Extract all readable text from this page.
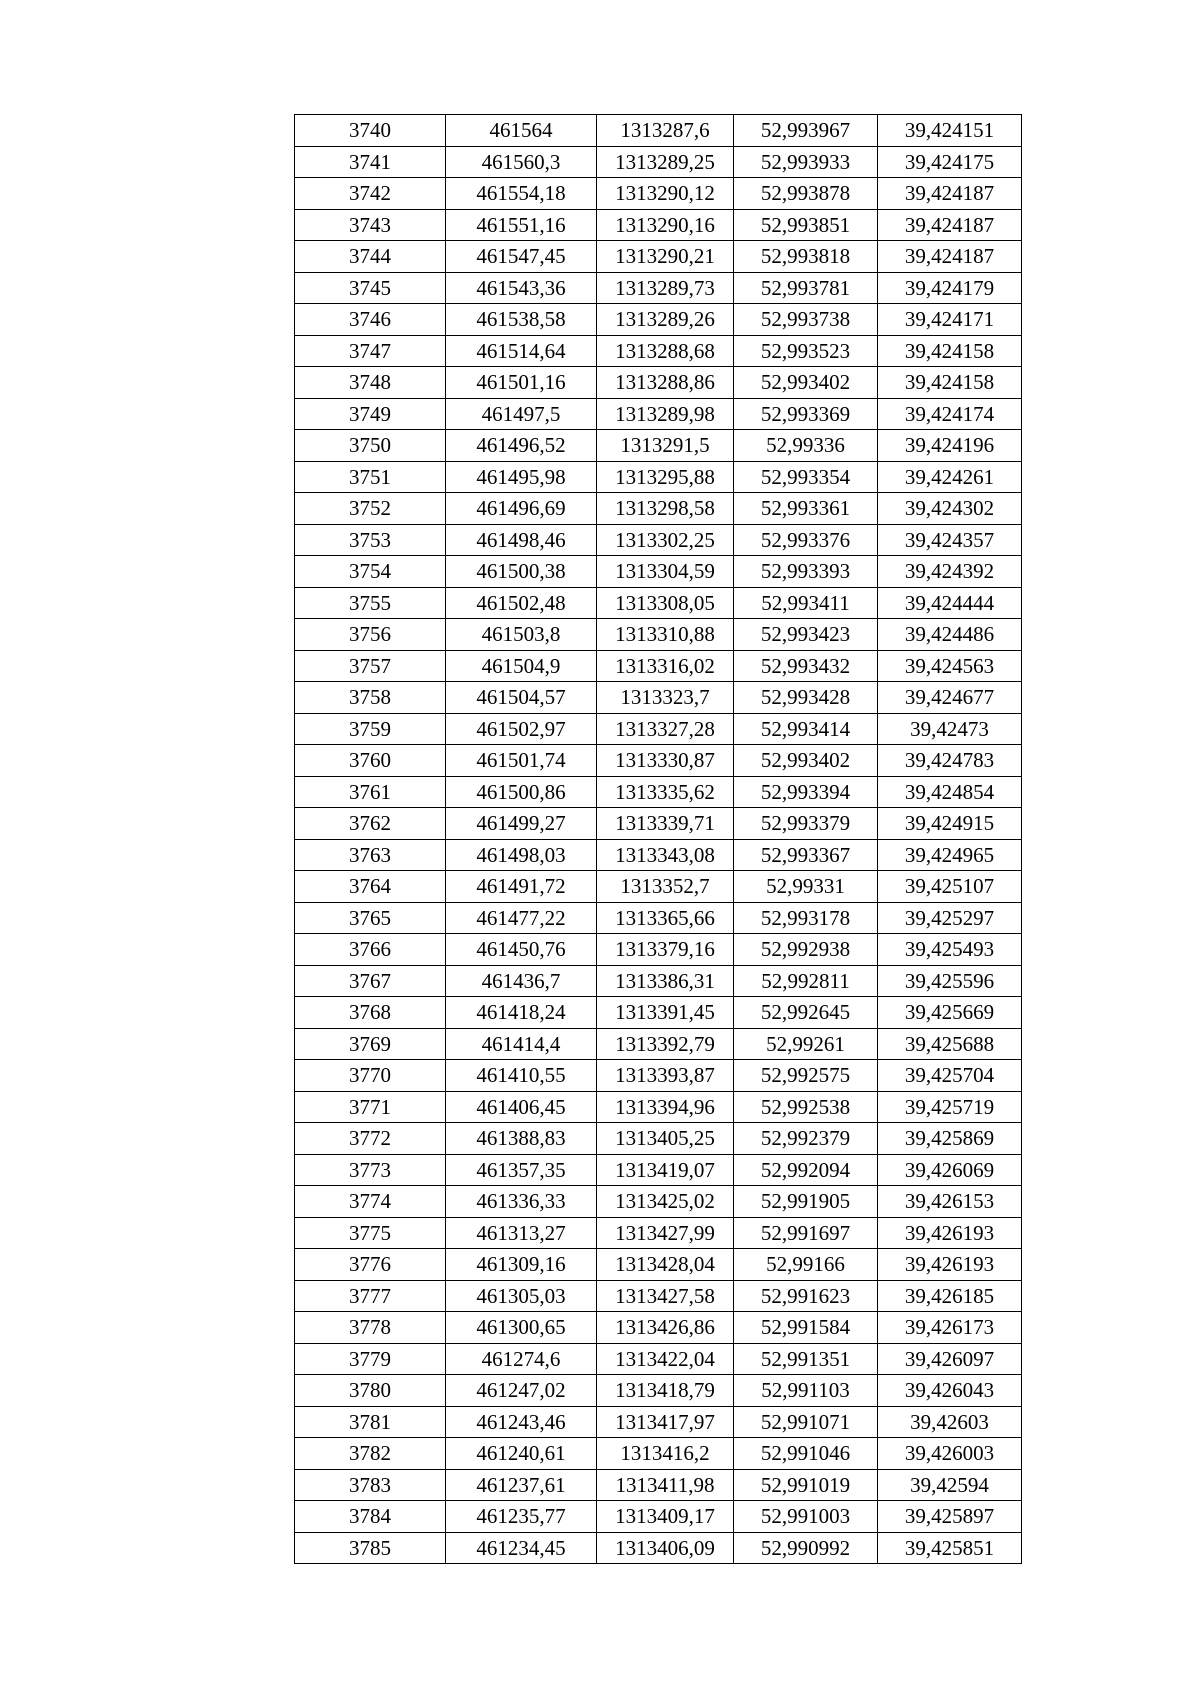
3740	461564	1313287,6	52,993967	39,424151
3741	461560,3	1313289,25	52,993933	39,424175
3742	461554,18	1313290,12	52,993878	39,424187
3743	461551,16	1313290,16	52,993851	39,424187
3744	461547,45	1313290,21	52,993818	39,424187
3745	461543,36	1313289,73	52,993781	39,424179
3746	461538,58	1313289,26	52,993738	39,424171
3747	461514,64	1313288,68	52,993523	39,424158
3748	461501,16	1313288,86	52,993402	39,424158
3749	461497,5	1313289,98	52,993369	39,424174
3750	461496,52	1313291,5	52,99336	39,424196
3751	461495,98	1313295,88	52,993354	39,424261
3752	461496,69	1313298,58	52,993361	39,424302
3753	461498,46	1313302,25	52,993376	39,424357
3754	461500,38	1313304,59	52,993393	39,424392
3755	461502,48	1313308,05	52,993411	39,424444
3756	461503,8	1313310,88	52,993423	39,424486
3757	461504,9	1313316,02	52,993432	39,424563
3758	461504,57	1313323,7	52,993428	39,424677
3759	461502,97	1313327,28	52,993414	39,42473
3760	461501,74	1313330,87	52,993402	39,424783
3761	461500,86	1313335,62	52,993394	39,424854
3762	461499,27	1313339,71	52,993379	39,424915
3763	461498,03	1313343,08	52,993367	39,424965
3764	461491,72	1313352,7	52,99331	39,425107
3765	461477,22	1313365,66	52,993178	39,425297
3766	461450,76	1313379,16	52,992938	39,425493
3767	461436,7	1313386,31	52,992811	39,425596
3768	461418,24	1313391,45	52,992645	39,425669
3769	461414,4	1313392,79	52,99261	39,425688
3770	461410,55	1313393,87	52,992575	39,425704
3771	461406,45	1313394,96	52,992538	39,425719
3772	461388,83	1313405,25	52,992379	39,425869
3773	461357,35	1313419,07	52,992094	39,426069
3774	461336,33	1313425,02	52,991905	39,426153
3775	461313,27	1313427,99	52,991697	39,426193
3776	461309,16	1313428,04	52,99166	39,426193
3777	461305,03	1313427,58	52,991623	39,426185
3778	461300,65	1313426,86	52,991584	39,426173
3779	461274,6	1313422,04	52,991351	39,426097
3780	461247,02	1313418,79	52,991103	39,426043
3781	461243,46	1313417,97	52,991071	39,42603
3782	461240,61	1313416,2	52,991046	39,426003
3783	461237,61	1313411,98	52,991019	39,42594
3784	461235,77	1313409,17	52,991003	39,425897
3785	461234,45	1313406,09	52,990992	39,425851
